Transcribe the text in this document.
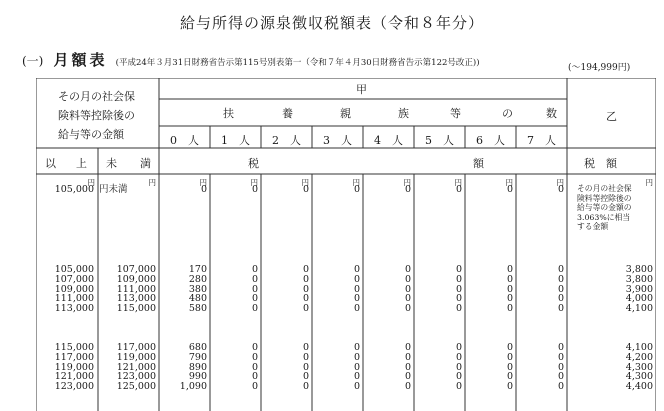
給与所得の源泉徴収税額表（令和８年分）
(一) 月額表 (平成24年３月31日財務省告示第115号別表第一（令和７年４月30日財務省告示第122号改正))	(～194,999円)
その月の社会保
険料等控除後の
給与等の金額
甲
乙
扶	養	親	族	等	の	数
0　人	1　人	2　人	3　人	4　人	5　人	6　人	7　人
以 上 未 満	税	額	税　額
円	円	円	円	円	円	円	円	円	円	円
105,000 円未満	0	0	0	0	0	0	0	0 その月の社会保険料等控除後の給与等の金額の3.063%に相当する金額
105,000	107,000	170	0	0	0	0	0	0	0	3,800
107,000	109,000	280	0	0	0	0	0	0	0	3,800
109,000	111,000	380	0	0	0	0	0	0	0	3,900
111,000	113,000	480	0	0	0	0	0	0	0	4,000
113,000	115,000	580	0	0	0	0	0	0	0	4,100
115,000	117,000	680	0	0	0	0	0	0	0	4,100
117,000	119,000	790	0	0	0	0	0	0	0	4,200
119,000	121,000	890	0	0	0	0	0	0	0	4,300
121,000	123,000	990	0	0	0	0	0	0	0	4,300
123,000	125,000	1,090	0	0	0	0	0	0	0	4,400
